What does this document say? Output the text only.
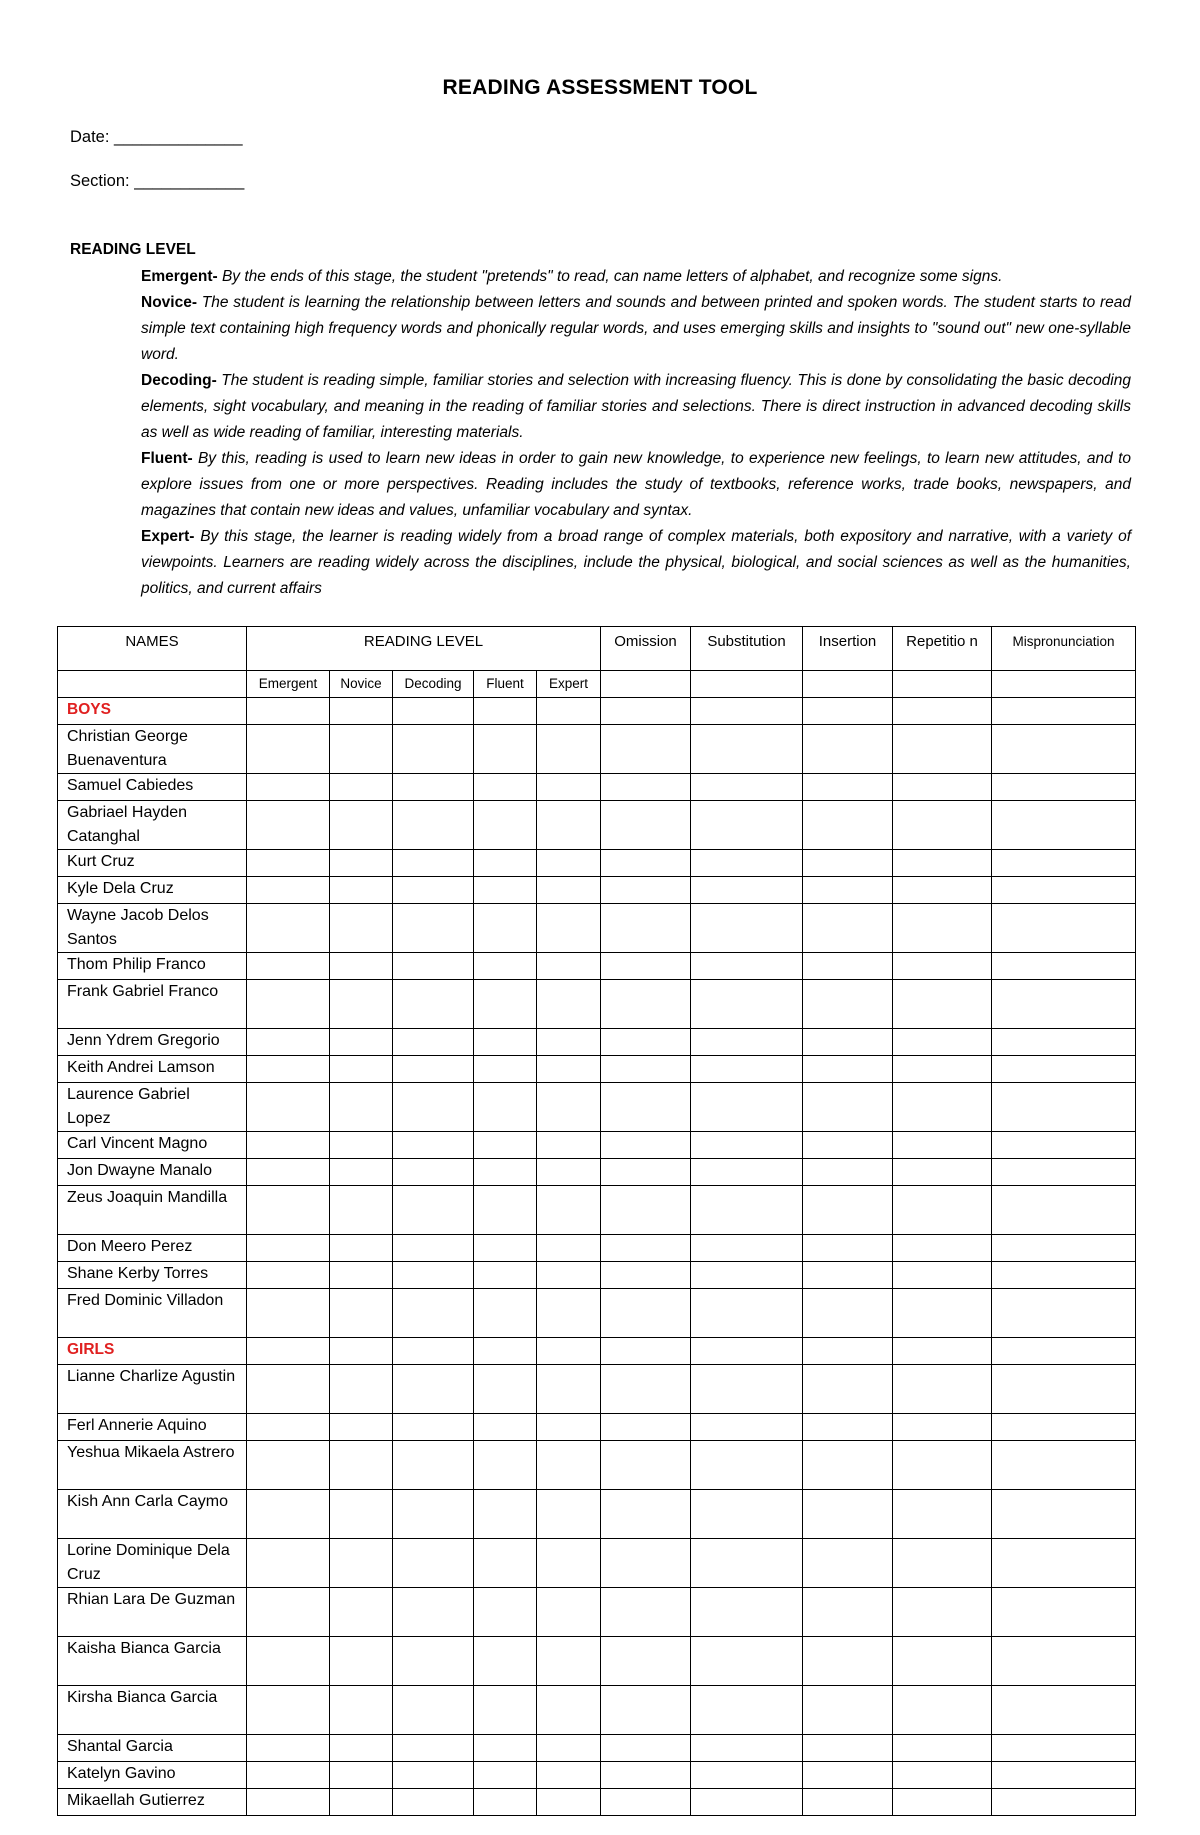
READING ASSESSMENT TOOL
Date: ______________
Section: ____________
READING LEVEL

Emergent- By the ends of this stage, the student "pretends" to read, can name letters of alphabet, and recognize some signs.

Novice- The student is learning the relationship between letters and sounds and between printed and spoken words. The student starts to read simple text containing high frequency words and phonically regular words, and uses emerging skills and insights to "sound out" new one-syllable word.

Decoding- The student is reading simple, familiar stories and selection with increasing fluency. This is done by consolidating the basic decoding elements, sight vocabulary, and meaning in the reading of familiar stories and selections. There is direct instruction in advanced decoding skills as well as wide reading of familiar, interesting materials.

Fluent- By this, reading is used to learn new ideas in order to gain new knowledge, to experience new feelings, to learn new attitudes, and to explore issues from one or more perspectives. Reading includes the study of textbooks, reference works, trade books, newspapers, and magazines that contain new ideas and values, unfamiliar vocabulary and syntax.

Expert- By this stage, the learner is reading widely from a broad range of complex materials, both expository and narrative, with a variety of viewpoints. Learners are reading widely across the disciplines, include the physical, biological, and social sciences as well as the humanities, politics, and current affairs

NAMES	READING LEVEL					Omission	Substitution	Insertion	Repetitio n	Mispronunciation
	Emergent	Novice	Decoding	Fluent	Expert					
BOYS										
Christian George Buenaventura										
Samuel Cabiedes										
Gabriael Hayden Catanghal										
Kurt Cruz										
Kyle Dela Cruz										
Wayne Jacob Delos Santos										
Thom Philip Franco										
Frank Gabriel Franco										
Jenn Ydrem Gregorio										
Keith Andrei Lamson										
Laurence Gabriel Lopez										
Carl Vincent Magno										
Jon Dwayne Manalo										
Zeus Joaquin Mandilla										
Don Meero Perez										
Shane Kerby Torres										
Fred Dominic Villadon										
GIRLS										
Lianne Charlize Agustin										
Ferl Annerie Aquino										
Yeshua Mikaela Astrero										
Kish Ann Carla Caymo										
Lorine Dominique Dela Cruz										
Rhian Lara De Guzman										
Kaisha Bianca Garcia										
Kirsha Bianca Garcia										
Shantal Garcia										
Katelyn Gavino										
Mikaellah Gutierrez										
